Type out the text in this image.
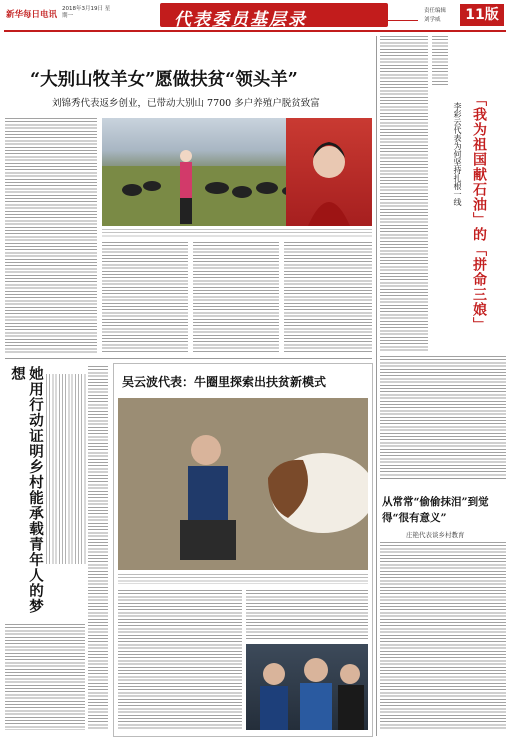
新华每日电讯
2018年3月19日 星期一	代表委员基层录	责任编辑
刘学威	11版
“大别山牧羊女”愿做扶贫“领头羊”
刘锦秀代表返乡创业，已带动大别山 7700 多户养殖户脱贫致富	「我为祖国献石油」的「拼命三娘」
李彩云代表为何坚持扎根一线
从常常“偷偷抹泪”到觉得“很有意义”
庄艳代表谈乡村教育
她用行动证明乡村能承载青年人的梦想
吴云波代表：牛圈里探索出扶贫新模式
